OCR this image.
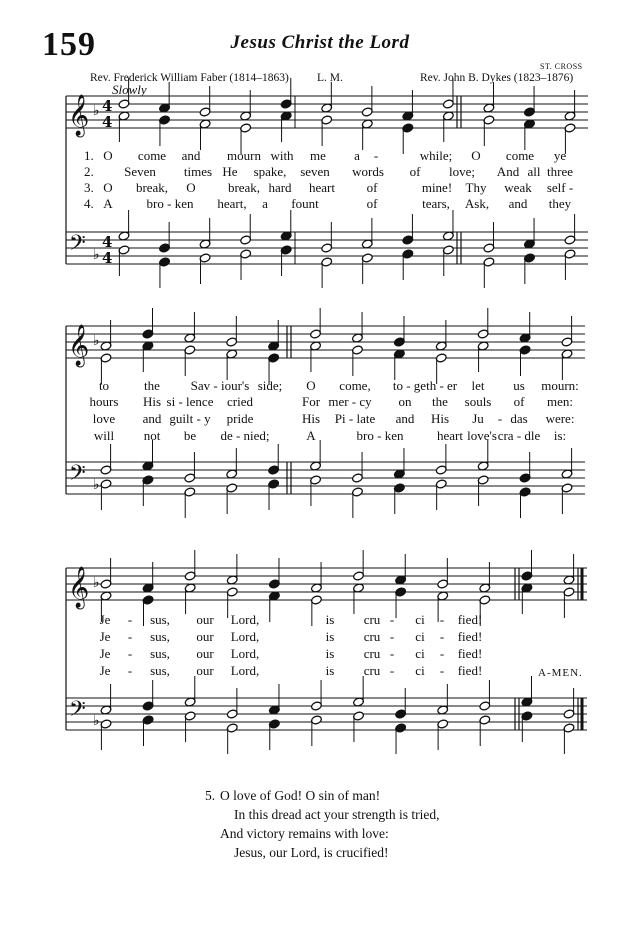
159	Jesus Christ the Lord
ST. CROSS
Rev. Frederick William Faber (1814–1863) L. M.	Rev. John B. Dykes (1823–1876)
Slowly
𝄞
𝄢
♭
♭
4
4
4
4
𝄞
𝄢
♭
♭
𝄞
𝄢
♭
♭
O come and mourn with me a -	while; O come ye
Seven times He spake, seven words of love; And all three
O break, O break, hard heart of	mine! Thy weak self -
A	bro - ken heart, a fount	of	tears, Ask, and they
to	the Sav - iour's side; O come, to - geth - er let us mourn:
hours His si - lence cried	For mer - cy on the souls of men:
love and guilt - y pride	His Pi - late and His Ju - das were:
will not be de - nied;	A	bro - ken	heart love's cra - dle is:
Je - sus, our Lord,	is cru - ci - fied!
Je - sus, our Lord,	is cru - ci - fied!
Je - sus, our Lord,	is cru - ci - fied!
Je - sus, our Lord,	is cru - ci - fied!
1.
2.
3.
4.
A-MEN.
5. O love of God! O sin of man!
In this dread act your strength is tried,
And victory remains with love:
Jesus, our Lord, is crucified!
